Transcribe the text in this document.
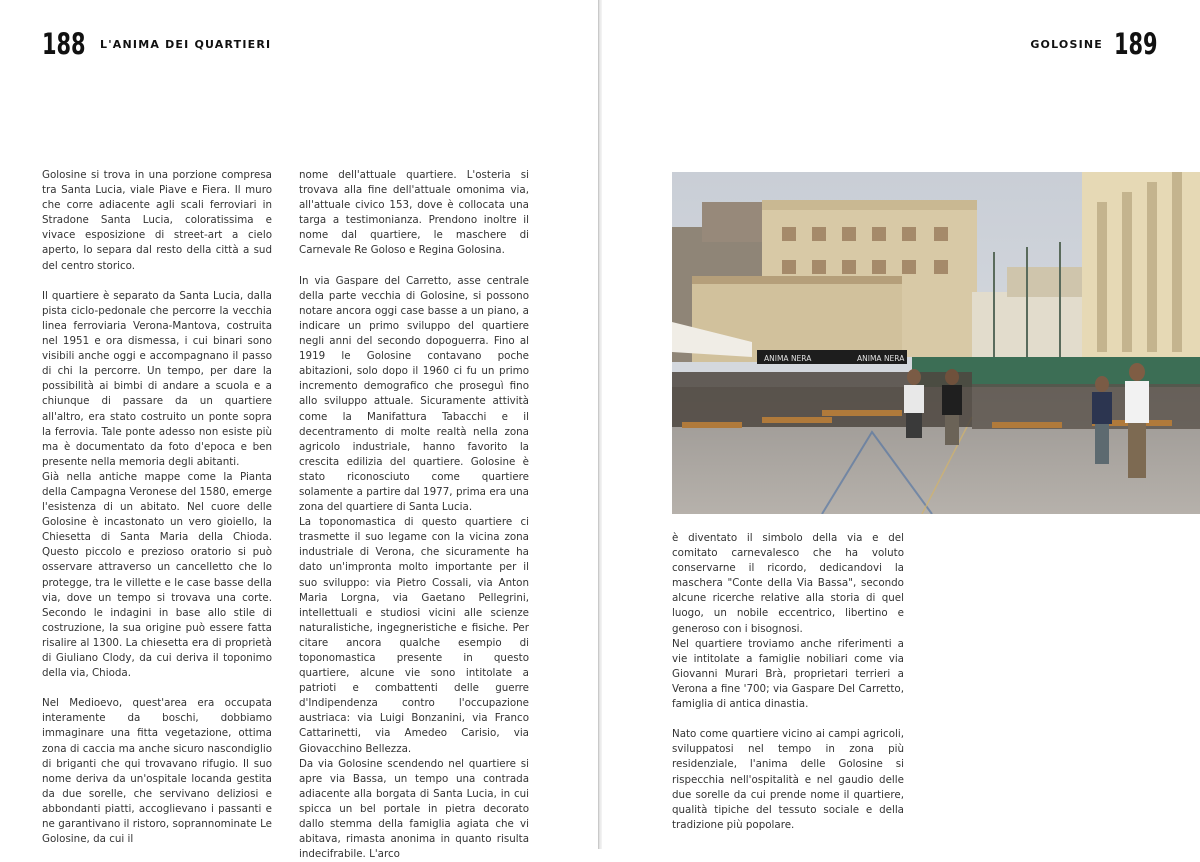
188 L'ANIMA DEI QUARTIERI
Golosine si trova in una porzione compresa tra Santa Lucia, viale Piave e Fiera. Il muro che corre adiacente agli scali ferroviari in Stradone Santa Lucia, coloratissima e vivace esposizione di street-art a cielo aperto, lo separa dal resto della città a sud del centro storico.

Il quartiere è separato da Santa Lucia, dalla pista ciclo-pedonale che percorre la vecchia linea ferroviaria Verona-Mantova, costruita nel 1951 e ora dismessa, i cui binari sono visibili anche oggi e accompagnano il passo di chi la percorre. Un tempo, per dare la possibilità ai bimbi di andare a scuola e a chiunque di passare da un quartiere all'altro, era stato costruito un ponte sopra la ferrovia. Tale ponte adesso non esiste più ma è documentato da foto d'epoca e ben presente nella memoria degli abitanti.
Già nella antiche mappe come la Pianta della Campagna Veronese del 1580, emerge l'esistenza di un abitato. Nel cuore delle Golosine è incastonato un vero gioiello, la Chiesetta di Santa Maria della Chioda. Questo piccolo e prezioso oratorio si può osservare attraverso un cancelletto che lo protegge, tra le villette e le case basse della via, dove un tempo si trovava una corte. Secondo le indagini in base allo stile di costruzione, la sua origine può essere fatta risalire al 1300. La chiesetta era di proprietà di Giuliano Clody, da cui deriva il toponimo della via, Chioda.

Nel Medioevo, quest'area era occupata interamente da boschi, dobbiamo immaginare una fitta vegetazione, ottima zona di caccia ma anche sicuro nascondiglio di briganti che qui trovavano rifugio. Il suo nome deriva da un'ospitale locanda gestita da due sorelle, che servivano deliziosi e abbondanti piatti, accoglievano i passanti e ne garantivano il ristoro, soprannominate Le Golosine, da cui il
nome dell'attuale quartiere. L'osteria si trovava alla fine dell'attuale omonima via, all'attuale civico 153, dove è collocata una targa a testimonianza. Prendono inoltre il nome dal quartiere, le maschere di Carnevale Re Goloso e Regina Golosina.

In via Gaspare del Carretto, asse centrale della parte vecchia di Golosine, si possono notare ancora oggi case basse a un piano, a indicare un primo sviluppo del quartiere negli anni del secondo dopoguerra. Fino al 1919 le Golosine contavano poche abitazioni, solo dopo il 1960 ci fu un primo incremento demografico che proseguì fino allo sviluppo attuale. Sicuramente attività come la Manifattura Tabacchi e il decentramento di molte realtà nella zona agricolo industriale, hanno favorito la crescita edilizia del quartiere. Golosine è stato riconosciuto come quartiere solamente a partire dal 1977, prima era una zona del quartiere di Santa Lucia.
La toponomastica di questo quartiere ci trasmette il suo legame con la vicina zona industriale di Verona, che sicuramente ha dato un'impronta molto importante per il suo sviluppo: via Pietro Cossali, via Anton Maria Lorgna, via Gaetano Pellegrini, intellettuali e studiosi vicini alle scienze naturalistiche, ingegneristiche e fisiche. Per citare ancora qualche esempio di toponomastica presente in questo quartiere, alcune vie sono intitolate a patrioti e combattenti delle guerre d'Indipendenza contro l'occupazione austriaca: via Luigi Bonzanini, via Franco Cattarinetti, via Amedeo Carisio, via Giovacchino Bellezza.
Da via Golosine scendendo nel quartiere si apre via Bassa, un tempo una contrada adiacente alla borgata di Santa Lucia, in cui spicca un bel portale in pietra decorato dallo stemma della famiglia agiata che vi abitava, rimasta anonima in quanto risulta indecifrabile. L'arco
GOLOSINE 189
ANIMA NERA	ANIMA NERA
è diventato il simbolo della via e del comitato carnevalesco che ha voluto conservarne il ricordo, dedicandovi la maschera "Conte della Via Bassa", secondo alcune ricerche relative alla storia di quel luogo, un nobile eccentrico, libertino e generoso con i bisognosi.
Nel quartiere troviamo anche riferimenti a vie intitolate a famiglie nobiliari come via Giovanni Murari Brà, proprietari terrieri a Verona a fine '700; via Gaspare Del Carretto, famiglia di antica dinastia.

Nato come quartiere vicino ai campi agricoli, sviluppatosi nel tempo in zona più residenziale, l'anima delle Golosine si rispecchia nell'ospitalità e nel gaudio delle due sorelle da cui prende nome il quartiere, qualità tipiche del tessuto sociale e della tradizione più popolare.
